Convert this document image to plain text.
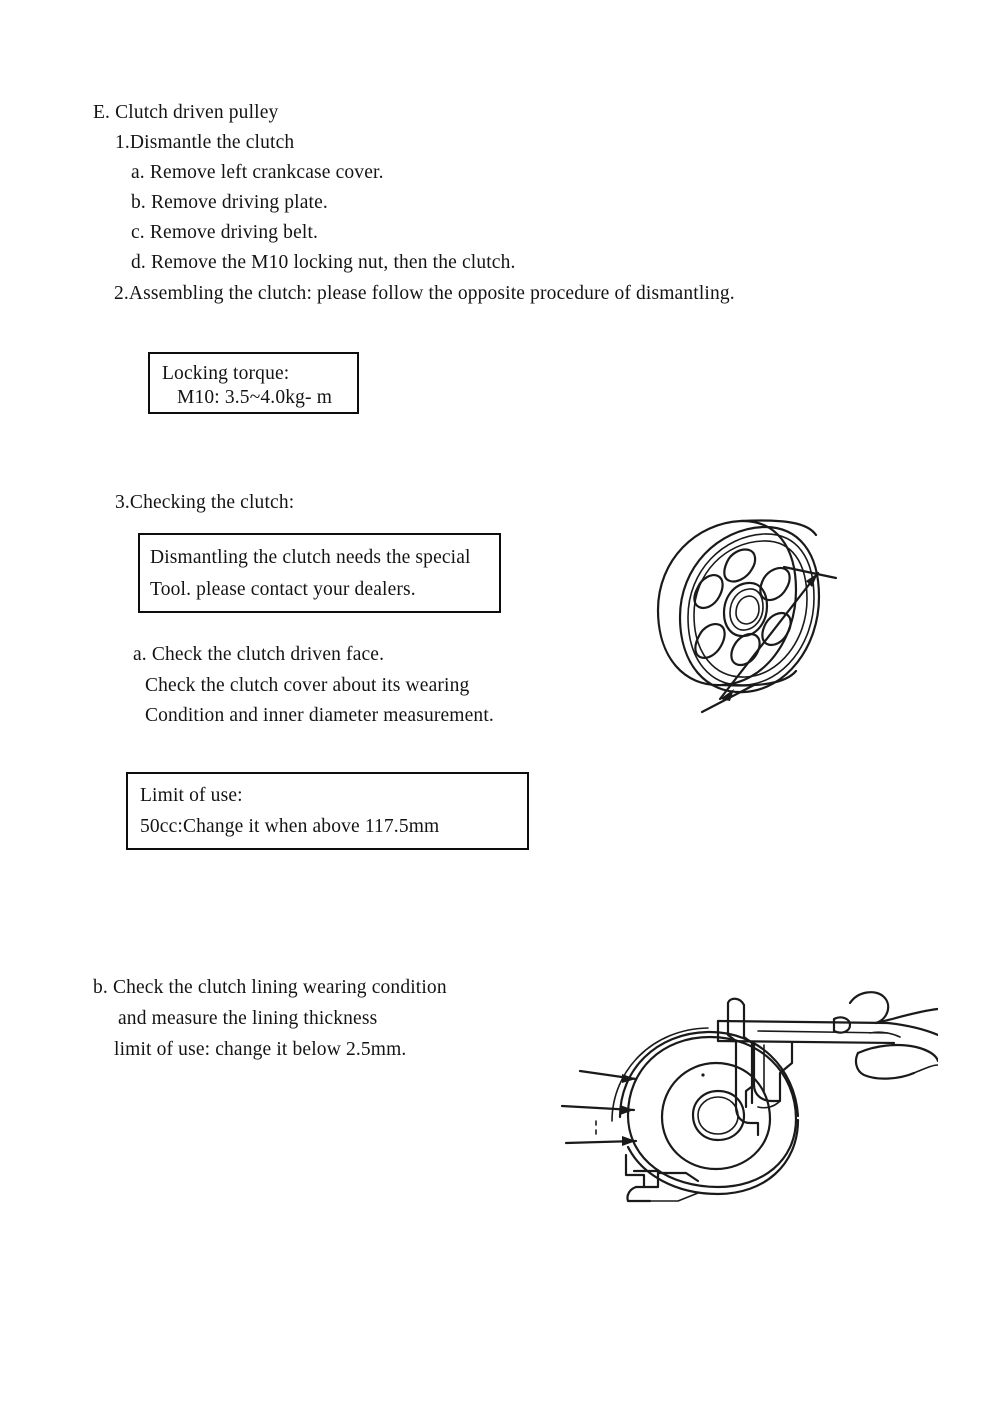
E. Clutch driven pulley
1.Dismantle the clutch
a. Remove left crankcase cover.
b. Remove driving plate.
c. Remove driving belt.
d. Remove the M10 locking nut, then the clutch.
2.Assembling the clutch: please follow the opposite procedure of dismantling.
Locking torque:
M10: 3.5~4.0kg- m
3.Checking the clutch:
Dismantling the clutch needs the special
Tool. please contact your dealers.
a. Check the clutch driven face.
Check the clutch cover about its wearing
Condition and inner diameter measurement.
Limit of use:
50cc:Change it when above 117.5mm
b. Check the clutch lining wearing condition
and measure the lining thickness
limit of use: change it below 2.5mm.
